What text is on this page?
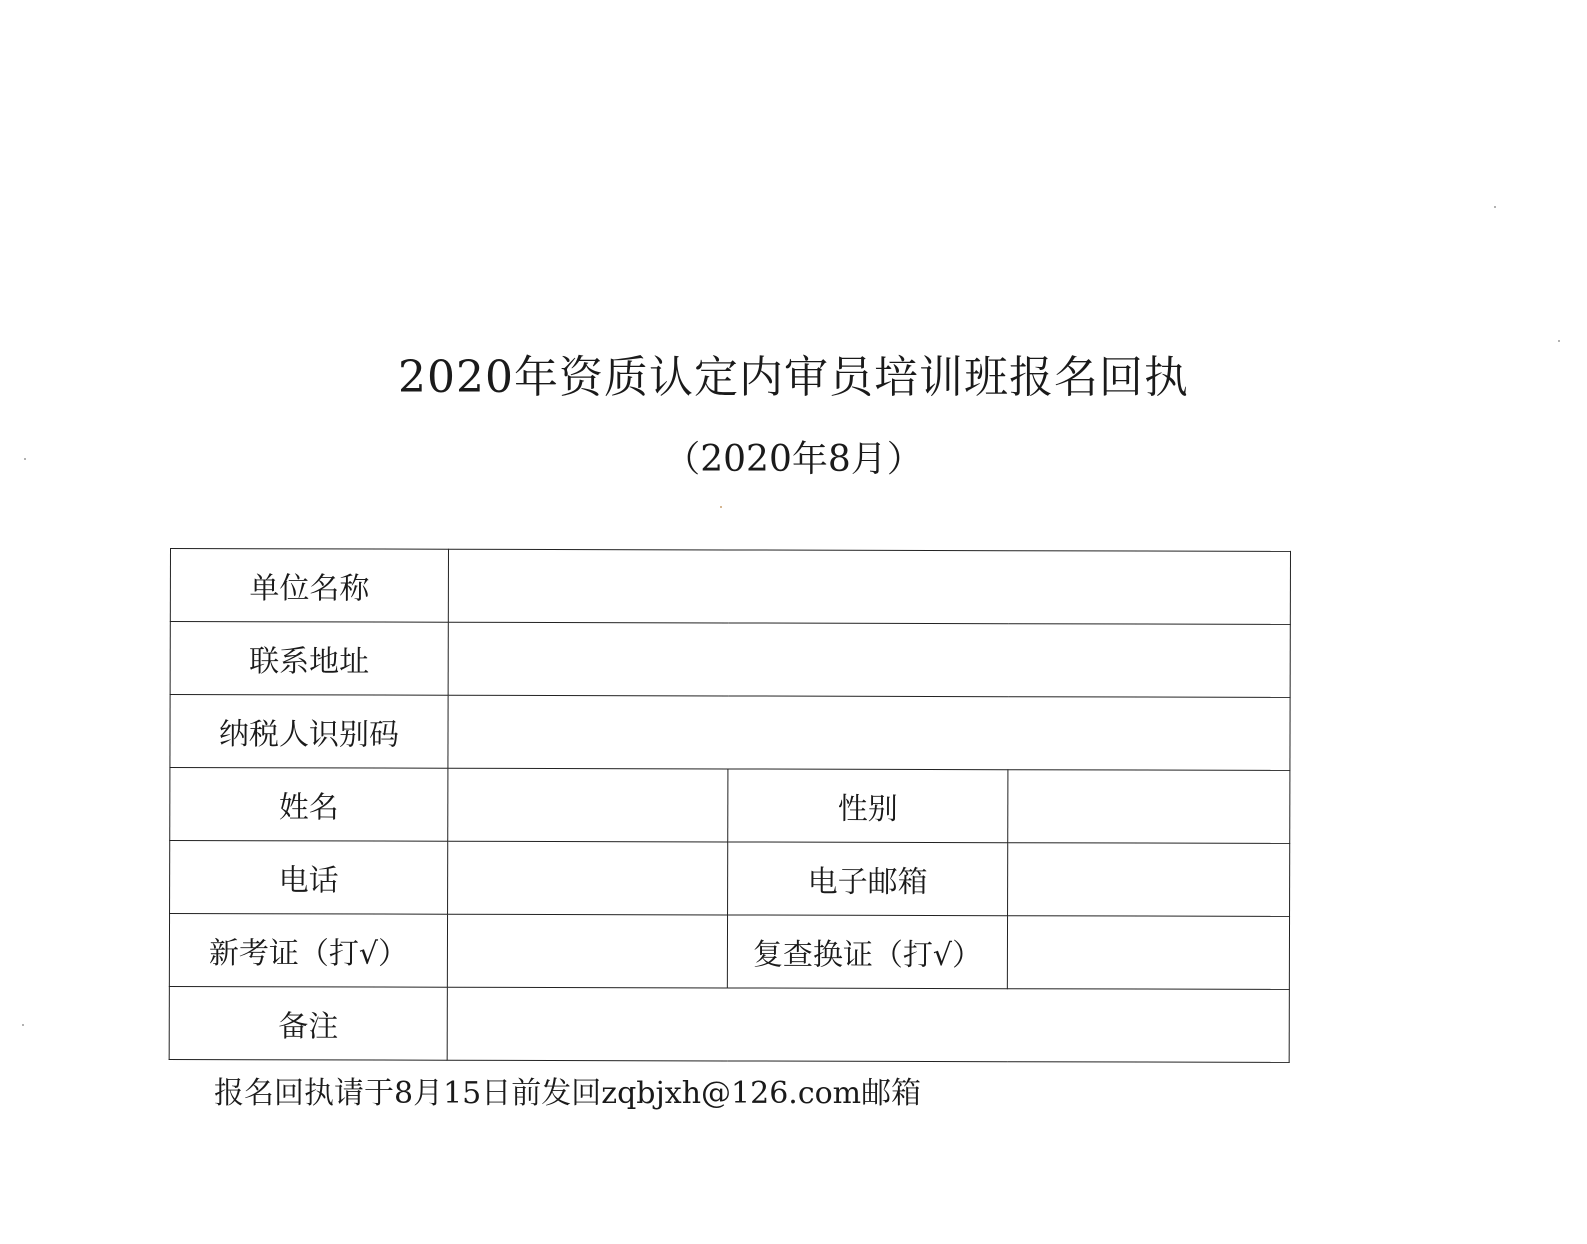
2020年资质认定内审员培训班报名回执
（2020年8月）
单位名称			
联系地址			
纳税人识别码			
姓名		性别	
电话		电子邮箱	
新考证（打√）		复查换证（打√）	
备注			
报名回执请于8月15日前发回zqbjxh@126.com邮箱
